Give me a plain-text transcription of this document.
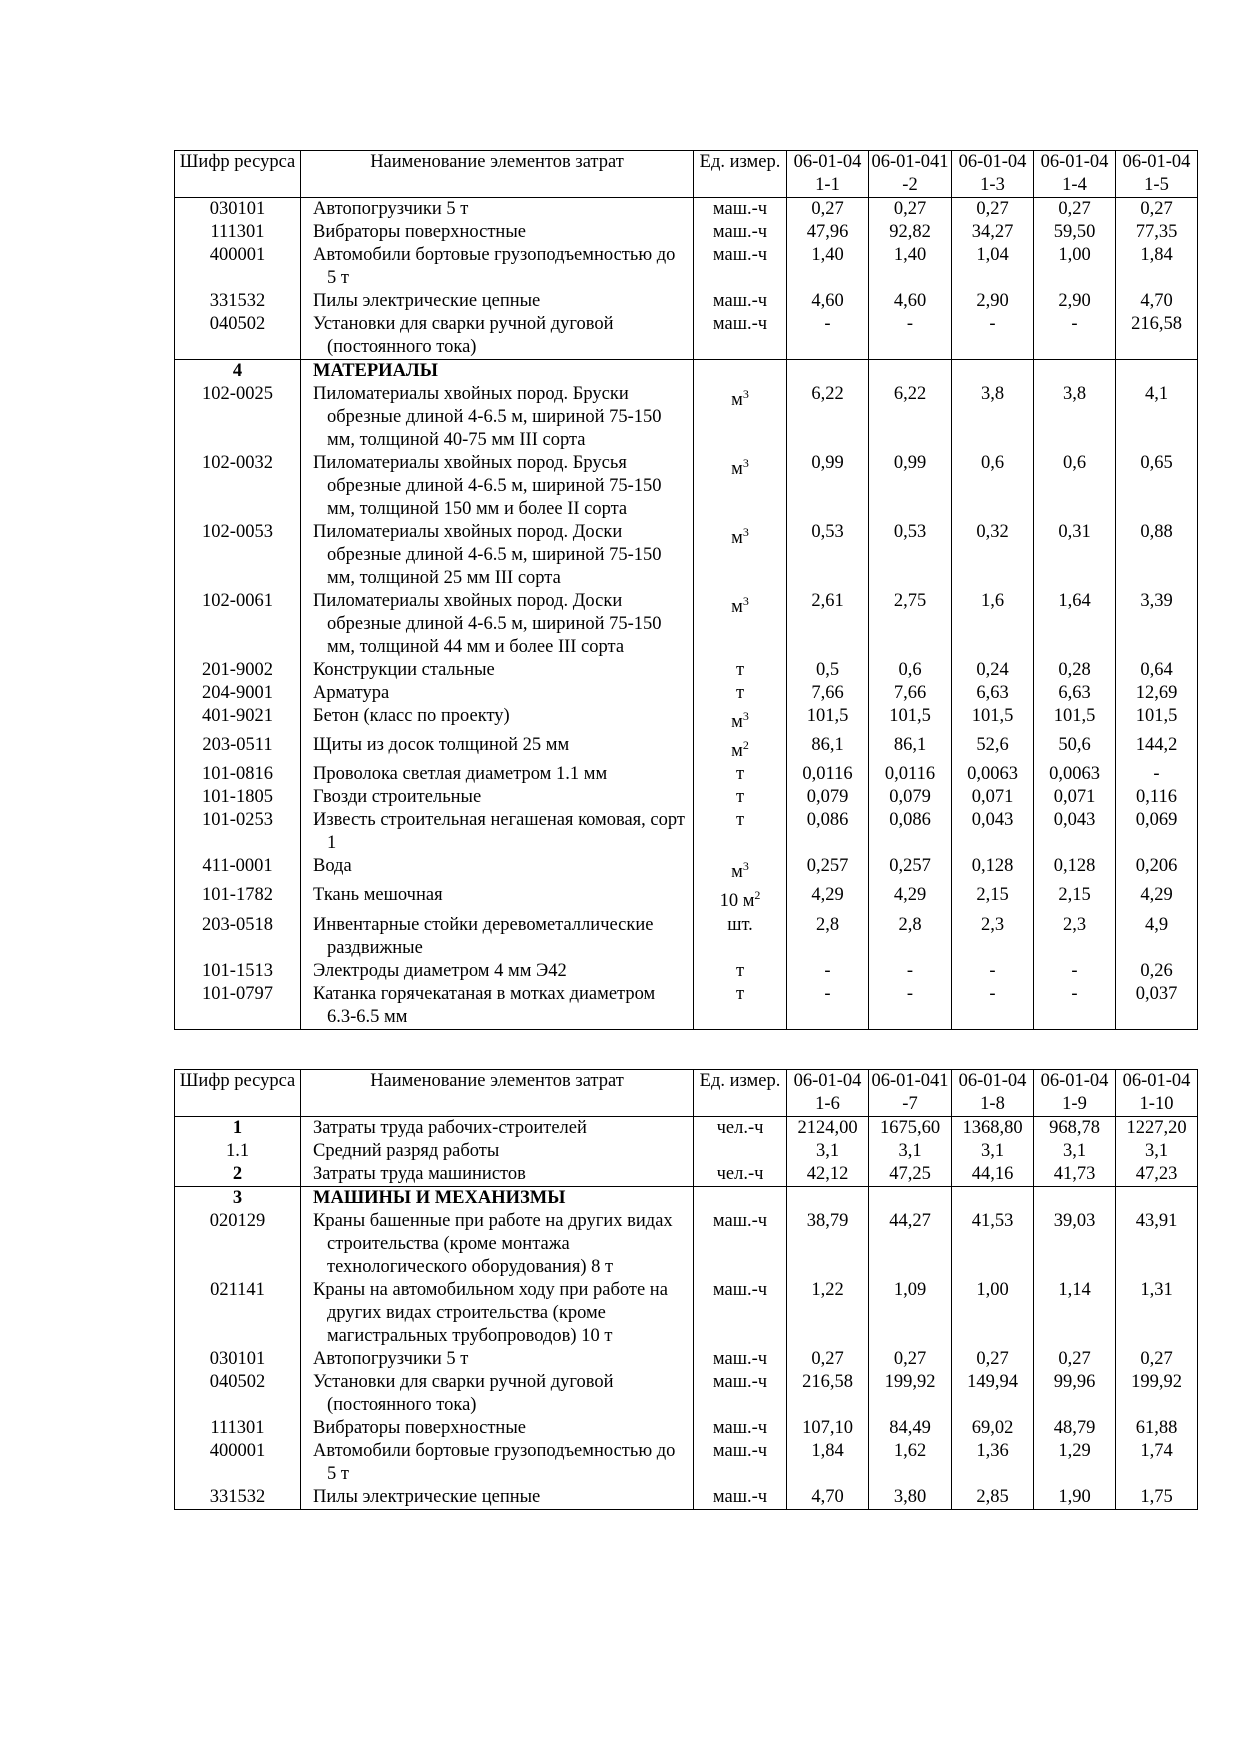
Шифр ресурса	Наименование элементов затрат	Ед. измер.	06-01-041-1	06-01-041-2	06-01-041-3	06-01-041-4	06-01-041-5
030101	Автопогрузчики 5 т	маш.-ч	0,27	0,27	0,27	0,27	0,27
111301	Вибраторы поверхностные	маш.-ч	47,96	92,82	34,27	59,50	77,35
400001	Автомобили бортовые грузоподъемностью до 5 т	маш.-ч	1,40	1,40	1,04	1,00	1,84
331532	Пилы электрические цепные	маш.-ч	4,60	4,60	2,90	2,90	4,70
040502	Установки для сварки ручной дуговой (постоянного тока)	маш.-ч	-	-	-	-	216,58
4	МАТЕРИАЛЫ						

102-0025	Пиломатериалы хвойных пород. Бруски обрезные длиной 4-6.5 м, шириной 75-150 мм, толщиной 40-75 мм III сорта	$м^3$	6,22	6,22	3,8	3,8	4,1
102-0032	Пиломатериалы хвойных пород. Брусья обрезные длиной 4-6.5 м, шириной 75-150 мм, толщиной 150 мм и более II сорта	$м^3$	0,99	0,99	0,6	0,6	0,65
102-0053	Пиломатериалы хвойных пород. Доски обрезные длиной 4-6.5 м, шириной 75-150 мм, толщиной 25 мм III сорта	$м^3$	0,53	0,53	0,32	0,31	0,88
102-0061	Пиломатериалы хвойных пород. Доски обрезные длиной 4-6.5 м, шириной 75-150 мм, толщиной 44 мм и более III сорта	$м^3$	2,61	2,75	1,6	1,64	3,39
201-9002	Конструкции стальные	т	0,5	0,6	0,24	0,28	0,64
204-9001	Арматура	т	7,66	7,66	6,63	6,63	12,69
401-9021	Бетон (класс по проекту)	$м^3$	101,5	101,5	101,5	101,5	101,5
203-0511	Щиты из досок толщиной 25 мм	$м^2$	86,1	86,1	52,6	50,6	144,2
101-0816	Проволока светлая диаметром 1.1 мм	т	0,0116	0,0116	0,0063	0,0063	-
101-1805	Гвозди строительные	т	0,079	0,079	0,071	0,071	0,116
101-0253	Известь строительная негашеная комовая, сорт 1	т	0,086	0,086	0,043	0,043	0,069
411-0001	Вода	$м^3$	0,257	0,257	0,128	0,128	0,206
101-1782	Ткань мешочная	10 $м^2$	4,29	4,29	2,15	2,15	4,29
203-0518	Инвентарные стойки деревометаллические раздвижные	шт.	2,8	2,8	2,3	2,3	4,9
101-1513	Электроды диаметром 4 мм Э42	т	-	-	-	-	0,26
101-0797	Катанка горячекатаная в мотках диаметром 6.3-6.5 мм	т	-	-	-	-	0,037
Шифр ресурса	Наименование элементов затрат	Ед. измер.	06-01-041-6	06-01-041-7	06-01-041-8	06-01-041-9	06-01-041-10
1	Затраты труда рабочих-строителей	чел.-ч	2124,00	1675,60	1368,80	968,78	1227,20
1.1	Средний разряд работы		3,1	3,1	3,1	3,1	3,1
2	Затраты труда машинистов	чел.-ч	42,12	47,25	44,16	41,73	47,23
3	МАШИНЫ И МЕХАНИЗМЫ						

020129	Краны башенные при работе на других видах строительства (кроме монтажа технологического оборудования) 8 т	маш.-ч	38,79	44,27	41,53	39,03	43,91
021141	Краны на автомобильном ходу при работе на других видах строительства (кроме магистральных трубопроводов) 10 т	маш.-ч	1,22	1,09	1,00	1,14	1,31
030101	Автопогрузчики 5 т	маш.-ч	0,27	0,27	0,27	0,27	0,27
040502	Установки для сварки ручной дуговой (постоянного тока)	маш.-ч	216,58	199,92	149,94	99,96	199,92
111301	Вибраторы поверхностные	маш.-ч	107,10	84,49	69,02	48,79	61,88
400001	Автомобили бортовые грузоподъемностью до 5 т	маш.-ч	1,84	1,62	1,36	1,29	1,74
331532	Пилы электрические цепные	маш.-ч	4,70	3,80	2,85	1,90	1,75
